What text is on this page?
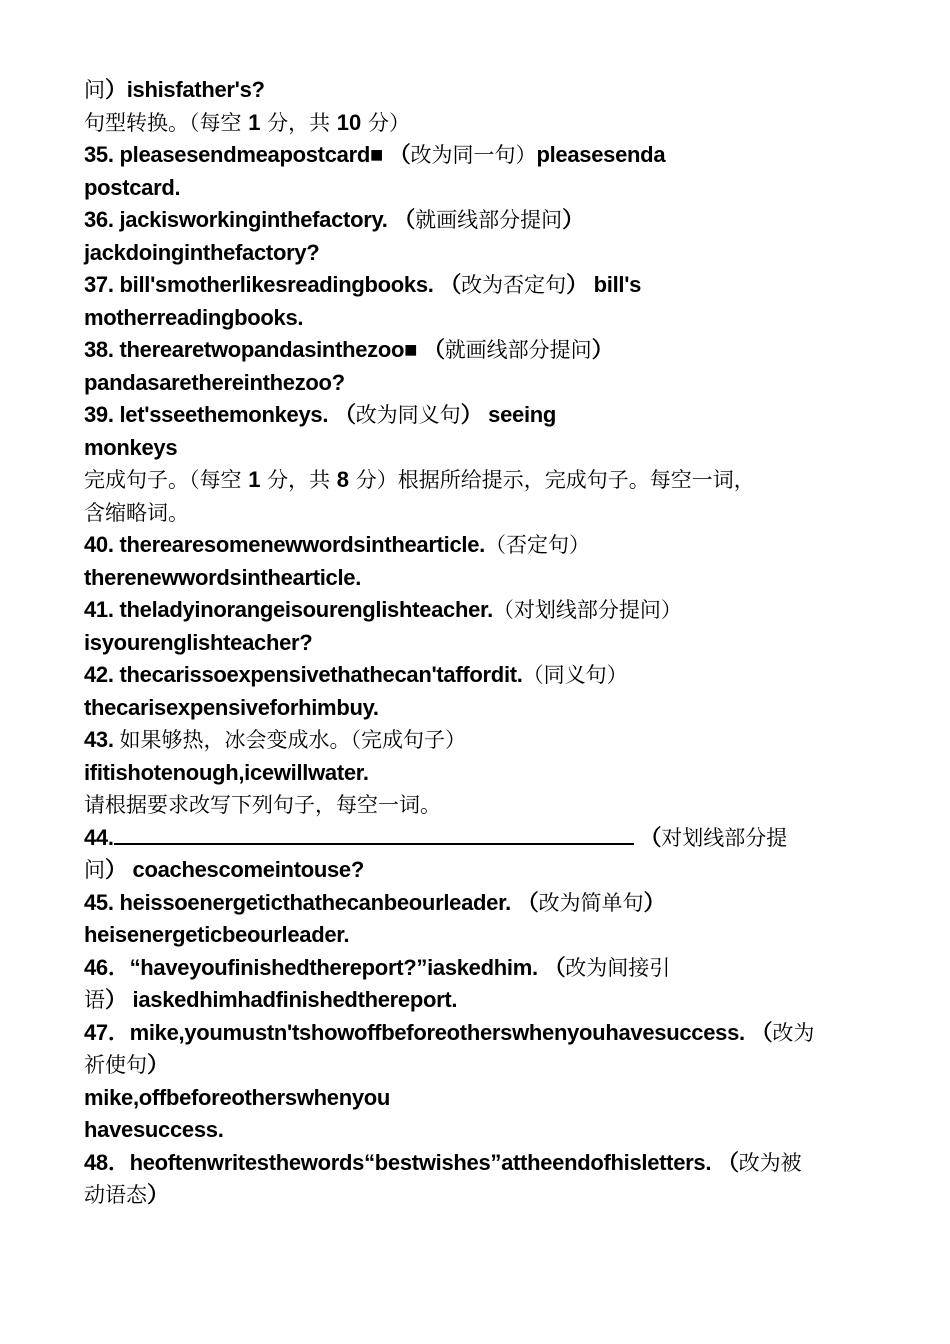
问）ishisfather's?
句型转换。（每空 1 分，共 10 分）
35. pleasesendmeapostcard■ （改为同一句）pleasesenda
postcard.
36. jackisworkinginthefactory. （就画线部分提问）
jackdoinginthefactory?
37. bill'smotherlikesreadingbooks. （改为否定句） bill's
motherreadingbooks.
38. therearetwopandasinthezoo■ （就画线部分提问）
pandasarethereinthezoo?
39. let'sseethemonkeys. （改为同义句） seeing
monkeys
完成句子。（每空 1 分，共 8 分）根据所给提示，完成句子。每空一词，
含缩略词。
40. therearesomenewwordsinthearticle.（否定句）
therenewwordsinthearticle.
41. theladyinorangeisourenglishteacher.（对划线部分提问）
isyourenglishteacher?
42. thecarissoexpensivethathecan'taffordit.（同义句）
thecarisexpensiveforhimbuy.
43. 如果够热，冰会变成水。（完成句子）
ifitishotenough,icewillwater.
请根据要求改写下列句子，每空一词。
44.	（对划线部分提
问） coachescomeintouse?
45. heissoenergeticthathecanbeourleader. （改为简单句）
heisenergeticbeourleader.
46．“haveyoufinishedthereport?”iaskedhim. （改为间接引
语） iaskedhimhadfinishedthereport.
47．mike,youmustn'tshowoffbeforeotherswhenyouhavesuccess. （改为
祈使句）
mike,offbeforeotherswhenyou
havesuccess.
48．heoftenwritesthewords“bestwishes”attheendofhisletters. （改为被
动语态）
